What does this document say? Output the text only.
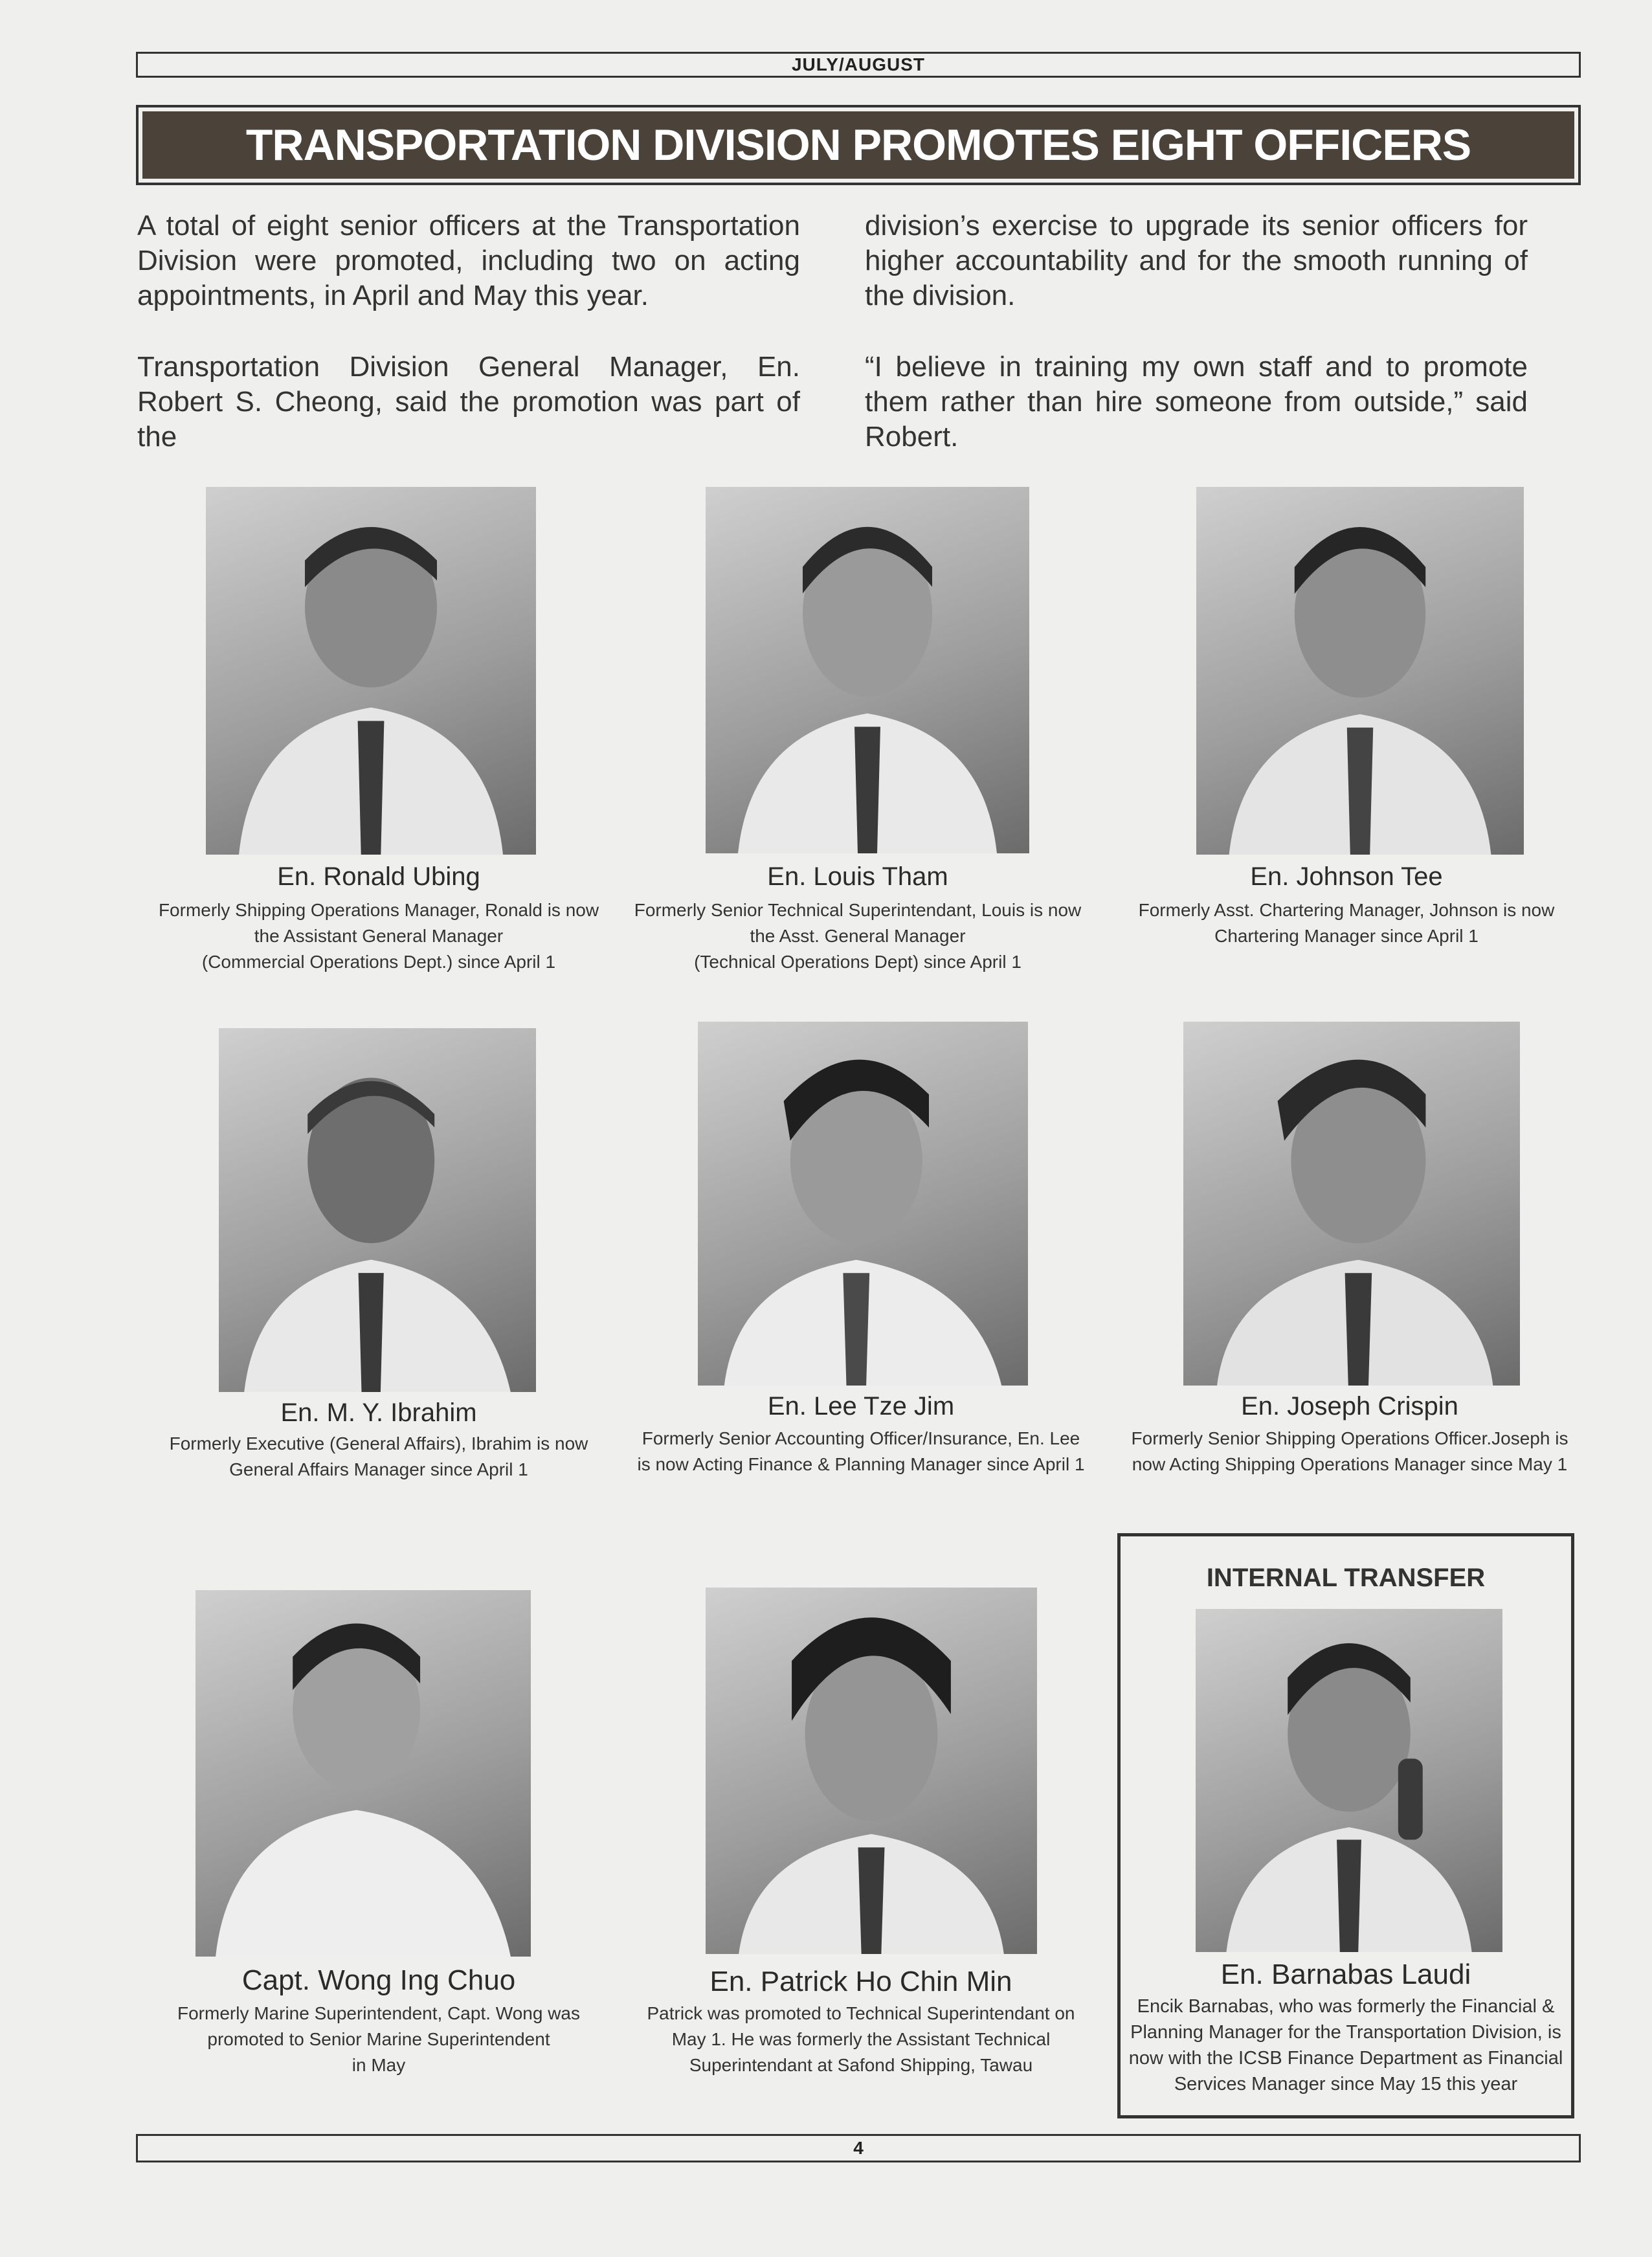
JULY/AUGUST
TRANSPORTATION DIVISION PROMOTES EIGHT OFFICERS

A total of eight senior officers at the Transportation Division were promoted, including two on acting appointments, in April and May this year.

Transportation Division General Manager, En. Robert S. Cheong, said the promotion was part of the

division’s exercise to upgrade its senior officers for higher accountability and for the smooth running of the division.

“I believe in training my own staff and to promote them rather than hire someone from outside,” said Robert.

En. Ronald Ubing
Formerly Shipping Operations Manager, Ronald is now
the Assistant General Manager
(Commercial Operations Dept.) since April 1
En. Louis Tham
Formerly Senior Technical Superintendant, Louis is now
the Asst. General Manager
(Technical Operations Dept) since April 1
En. Johnson Tee
Formerly Asst. Chartering Manager, Johnson is now
Chartering Manager since April 1
En. M. Y. Ibrahim
Formerly Executive (General Affairs), Ibrahim is now
General Affairs Manager since April 1
En. Lee Tze Jim
Formerly Senior Accounting Officer/Insurance, En. Lee
is now Acting Finance & Planning Manager since April 1
En. Joseph Crispin
Formerly Senior Shipping Operations Officer.Joseph is
now Acting Shipping Operations Manager since May 1
Capt. Wong Ing Chuo
Formerly Marine Superintendent, Capt. Wong was
promoted to Senior Marine Superintendent
in May
En. Patrick Ho Chin Min
Patrick was promoted to Technical Superintendant on
May 1. He was formerly the Assistant Technical
Superintendant at Safond Shipping, Tawau
INTERNAL TRANSFER
En. Barnabas Laudi
Encik Barnabas, who was formerly the Financial &
Planning Manager for the Transportation Division, is
now with the ICSB Finance Department as Financial
Services Manager since May 15 this year
4
